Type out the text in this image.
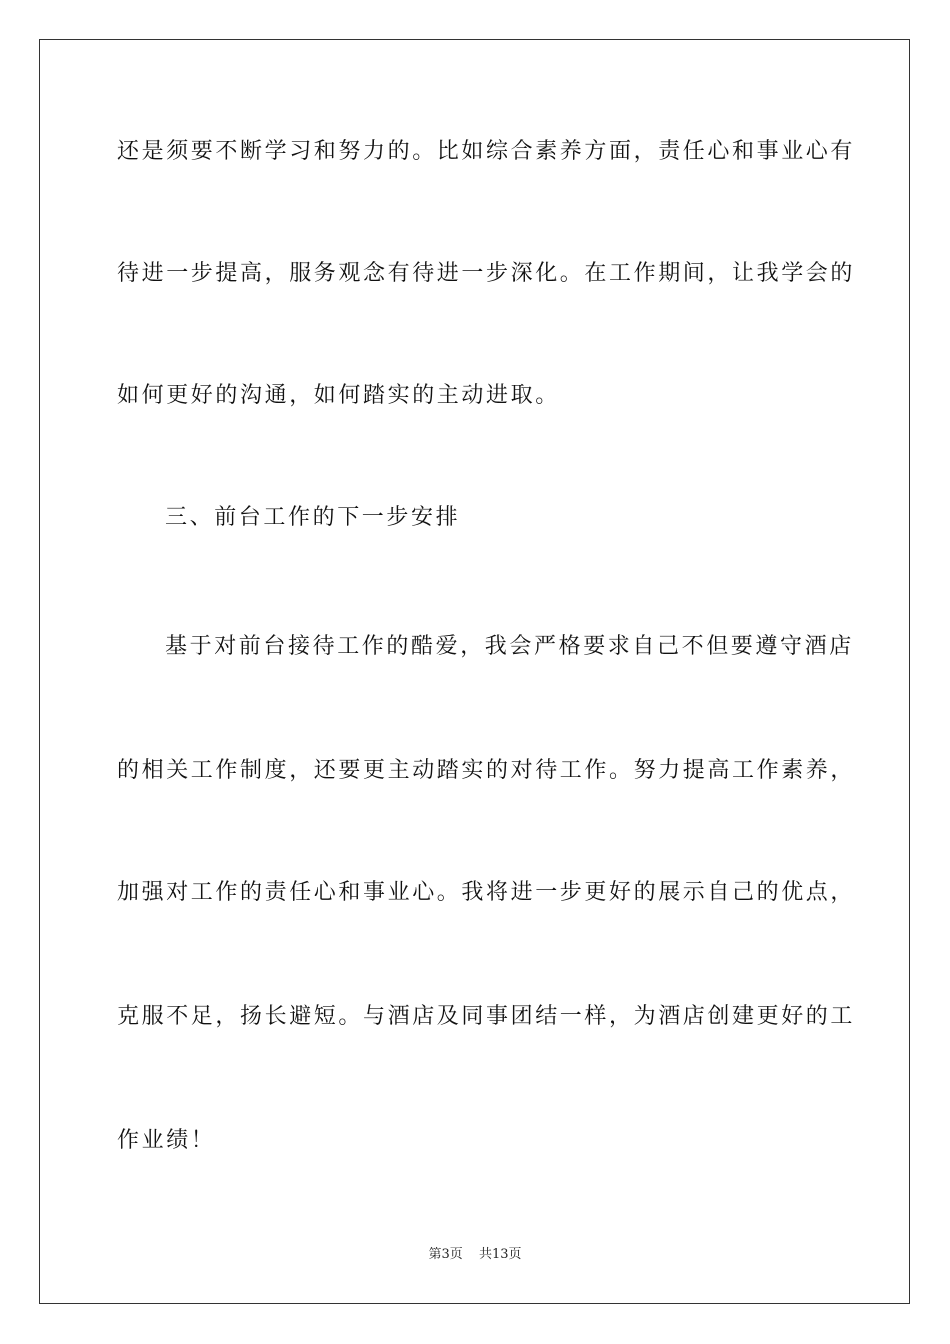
还是须要不断学习和努力的。比如综合素养方面，责任心和事业心有
待进一步提高，服务观念有待进一步深化。在工作期间，让我学会的
如何更好的沟通，如何踏实的主动进取。
三、前台工作的下一步安排
基于对前台接待工作的酷爱，我会严格要求自己不但要遵守酒店
的相关工作制度，还要更主动踏实的对待工作。努力提高工作素养，
加强对工作的责任心和事业心。我将进一步更好的展示自己的优点，
克服不足，扬长避短。与酒店及同事团结一样，为酒店创建更好的工
作业绩！
第3页 共13页
